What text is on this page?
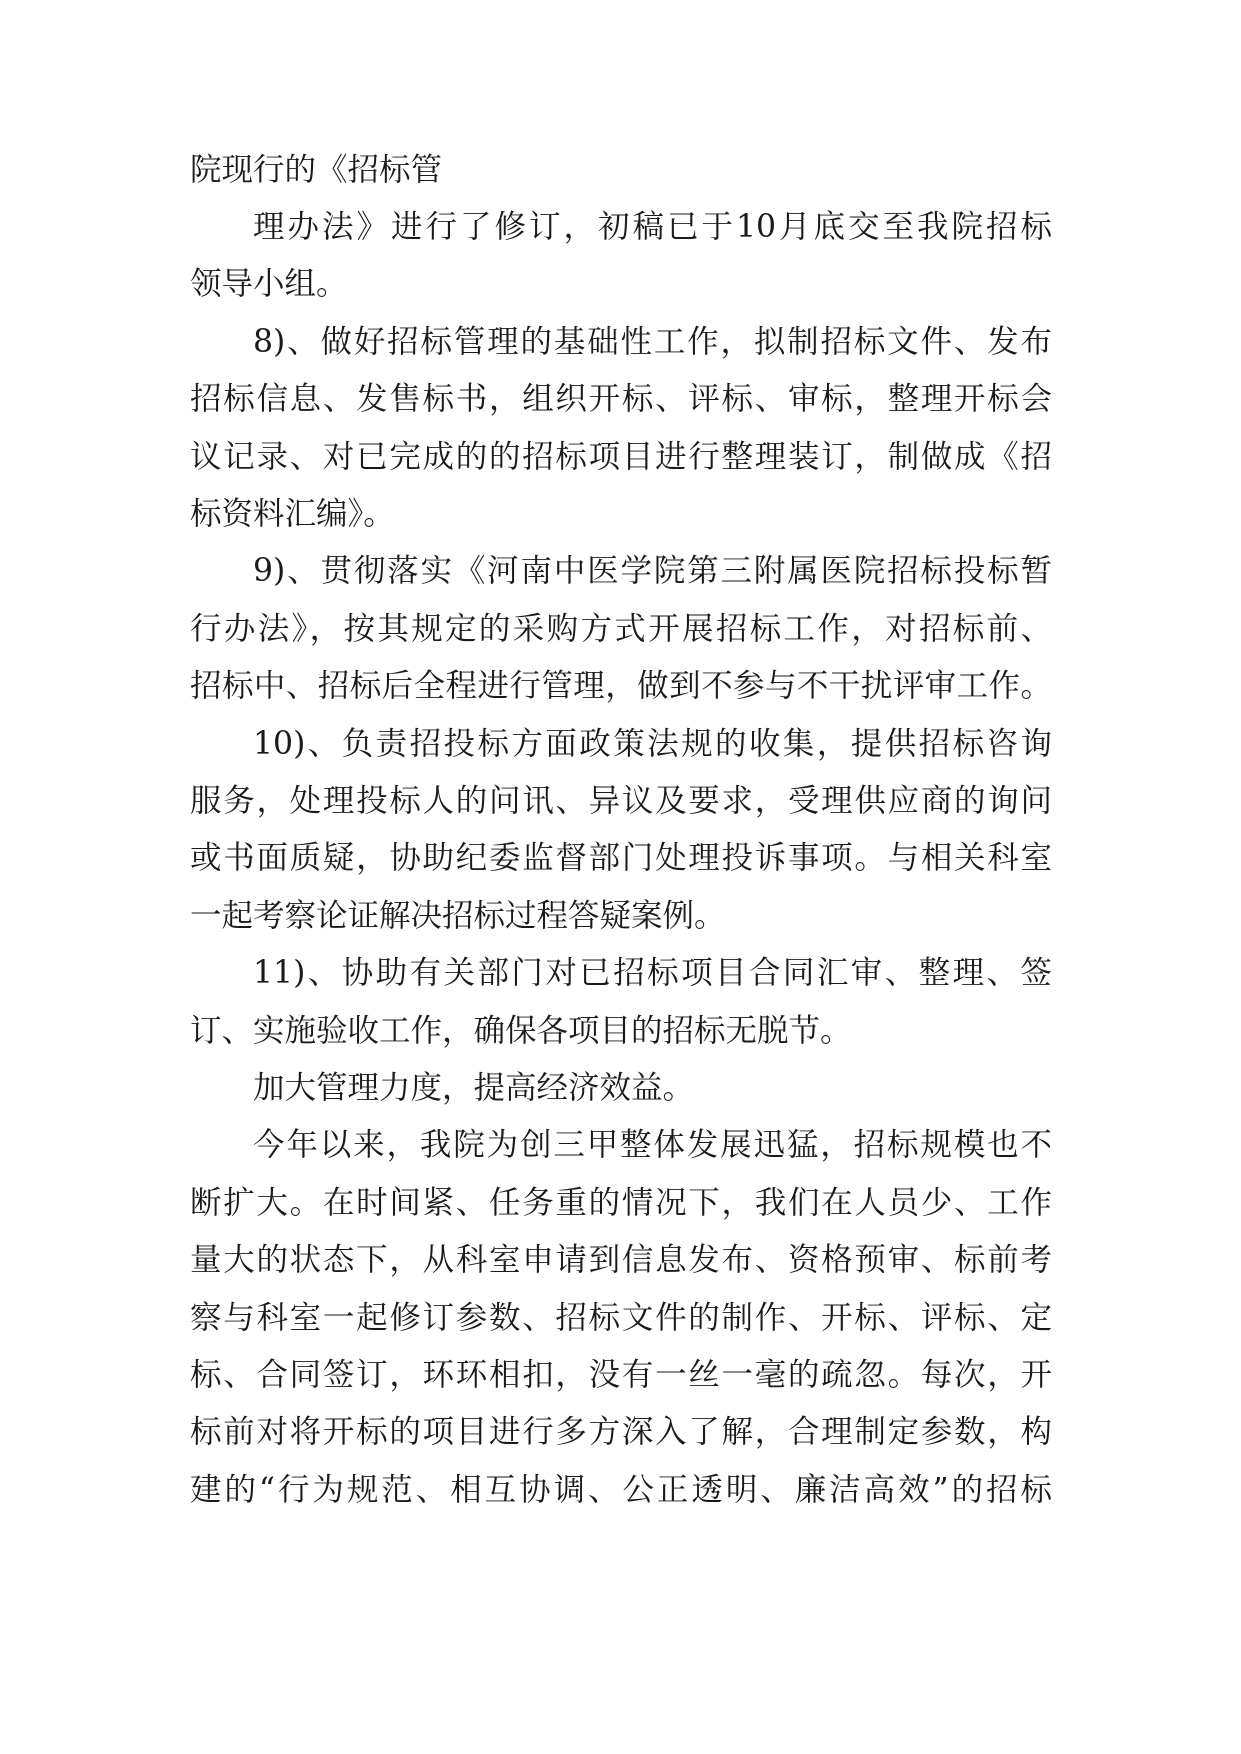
院现行的《招标管
理办法》进行了修订，初稿已于10月底交至我院招标
领导小组。
8)、做好招标管理的基础性工作，拟制招标文件、发布
招标信息、发售标书，组织开标、评标、审标，整理开标会
议记录、对已完成的的招标项目进行整理装订，制做成《招
标资料汇编》。
9)、贯彻落实《河南中医学院第三附属医院招标投标暂
行办法》，按其规定的采购方式开展招标工作，对招标前、
招标中、招标后全程进行管理，做到不参与不干扰评审工作。
10)、负责招投标方面政策法规的收集，提供招标咨询
服务，处理投标人的问讯、异议及要求，受理供应商的询问
或书面质疑，协助纪委监督部门处理投诉事项。与相关科室
一起考察论证解决招标过程答疑案例。
11)、协助有关部门对已招标项目合同汇审、整理、签
订、实施验收工作，确保各项目的招标无脱节。
加大管理力度，提高经济效益。
今年以来，我院为创三甲整体发展迅猛，招标规模也不
断扩大。在时间紧、任务重的情况下，我们在人员少、工作
量大的状态下，从科室申请到信息发布、资格预审、标前考
察与科室一起修订参数、招标文件的制作、开标、评标、定
标、合同签订，环环相扣，没有一丝一毫的疏忽。每次，开
标前对将开标的项目进行多方深入了解，合理制定参数，构
建的“行为规范、相互协调、公正透明、廉洁高效”的招标
